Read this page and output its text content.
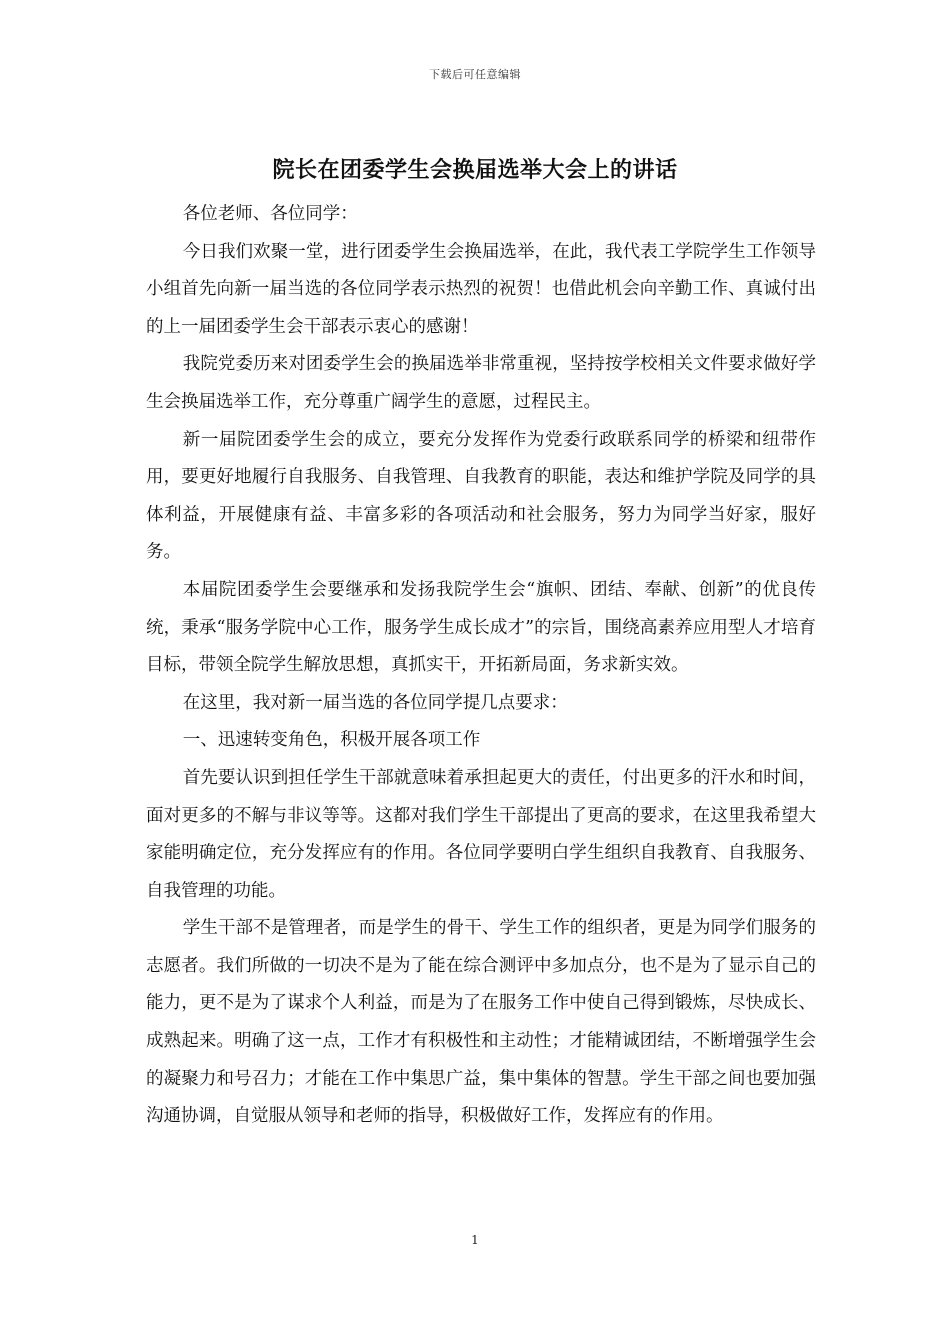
下载后可任意编辑
院长在团委学生会换届选举大会上的讲话

各位老师、各位同学：

今日我们欢聚一堂，进行团委学生会换届选举，在此，我代表工学院学生工作领导小组首先向新一届当选的各位同学表示热烈的祝贺！也借此机会向辛勤工作、真诚付出的上一届团委学生会干部表示衷心的感谢！

我院党委历来对团委学生会的换届选举非常重视，坚持按学校相关文件要求做好学生会换届选举工作，充分尊重广阔学生的意愿，过程民主。

新一届院团委学生会的成立，要充分发挥作为党委行政联系同学的桥梁和纽带作用，要更好地履行自我服务、自我管理、自我教育的职能，表达和维护学院及同学的具体利益，开展健康有益、丰富多彩的各项活动和社会服务，努力为同学当好家，服好务。

本届院团委学生会要继承和发扬我院学生会“旗帜、团结、奉献、创新”的优良传统，秉承“服务学院中心工作，服务学生成长成才”的宗旨，围绕高素养应用型人才培育目标，带领全院学生解放思想，真抓实干，开拓新局面，务求新实效。

在这里，我对新一届当选的各位同学提几点要求：

一、迅速转变角色，积极开展各项工作

首先要认识到担任学生干部就意味着承担起更大的责任，付出更多的汗水和时间，面对更多的不解与非议等等。这都对我们学生干部提出了更高的要求，在这里我希望大家能明确定位，充分发挥应有的作用。各位同学要明白学生组织自我教育、自我服务、自我管理的功能。

学生干部不是管理者，而是学生的骨干、学生工作的组织者，更是为同学们服务的志愿者。我们所做的一切决不是为了能在综合测评中多加点分，也不是为了显示自己的能力，更不是为了谋求个人利益，而是为了在服务工作中使自己得到锻炼，尽快成长、成熟起来。明确了这一点，工作才有积极性和主动性；才能精诚团结，不断增强学生会的凝聚力和号召力；才能在工作中集思广益，集中集体的智慧。学生干部之间也要加强沟通协调，自觉服从领导和老师的指导，积极做好工作，发挥应有的作用。

1
